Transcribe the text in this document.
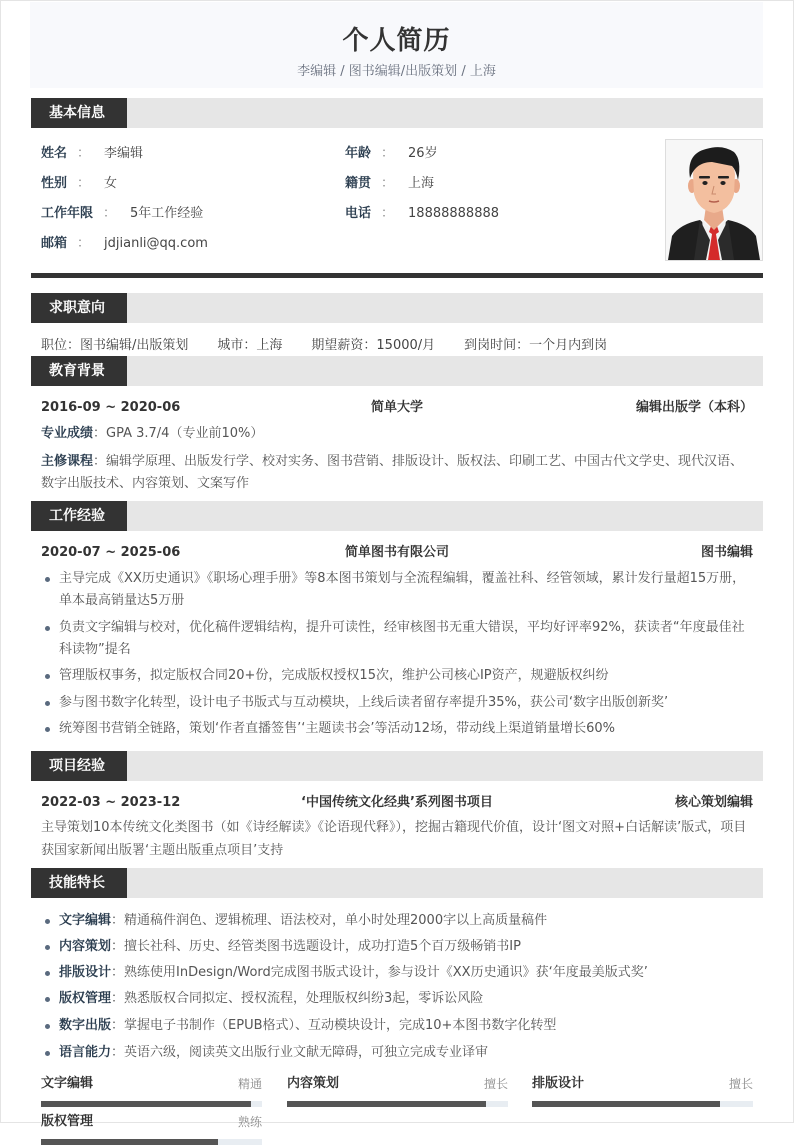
个人简历
李编辑 / 图书编辑/出版策划 / 上海
基本信息
姓名 ： 李编辑	年龄 ： 26岁
性别 ： 女	籍贯 ： 上海
工作年限 ： 5年工作经验	电话 ： 18888888888
邮箱 ： jdjianli@qq.com
求职意向
职位：图书编辑/出版策划 城市：上海 期望薪资：15000/月 到岗时间：一个月内到岗
教育背景
2016-09 ~ 2020-06	简单大学	编辑出版学（本科）
专业成绩：GPA 3.7/4（专业前10%）
主修课程：编辑学原理、出版发行学、校对实务、图书营销、排版设计、版权法、印刷工艺、中国古代文学史、现代汉语、数字出版技术、内容策划、文案写作
工作经验
2020-07 ~ 2025-06	简单图书有限公司	图书编辑
主导完成《XX历史通识》《职场心理手册》等8本图书策划与全流程编辑，覆盖社科、经管领域，累计发行量超15万册，单本最高销量达5万册
负责文字编辑与校对，优化稿件逻辑结构，提升可读性，经审核图书无重大错误，平均好评率92%，获读者“年度最佳社科读物”提名
管理版权事务，拟定版权合同20+份，完成版权授权15次，维护公司核心IP资产，规避版权纠纷
参与图书数字化转型，设计电子书版式与互动模块，上线后读者留存率提升35%，获公司‘数字出版创新奖’
统筹图书营销全链路，策划‘作者直播签售’‘主题读书会’等活动12场，带动线上渠道销量增长60%
项目经验
2022-03 ~ 2023-12	‘中国传统文化经典’系列图书项目	核心策划编辑
主导策划10本传统文化类图书（如《诗经解读》《论语现代释》），挖掘古籍现代价值，设计‘图文对照+白话解读’版式，项目获国家新闻出版署‘主题出版重点项目’支持
技能特长
文字编辑：精通稿件润色、逻辑梳理、语法校对，单小时处理2000字以上高质量稿件
内容策划：擅长社科、历史、经管类图书选题设计，成功打造5个百万级畅销书IP
排版设计：熟练使用InDesign/Word完成图书版式设计，参与设计《XX历史通识》获‘年度最美版式奖’
版权管理：熟悉版权合同拟定、授权流程，处理版权纠纷3起，零诉讼风险
数字出版：掌握电子书制作（EPUB格式）、互动模块设计，完成10+本图书数字化转型
语言能力：英语六级，阅读英文出版行业文献无障碍，可独立完成专业译审
文字编辑	精通 内容策划	擅长 排版设计	擅长
版权管理	熟练
